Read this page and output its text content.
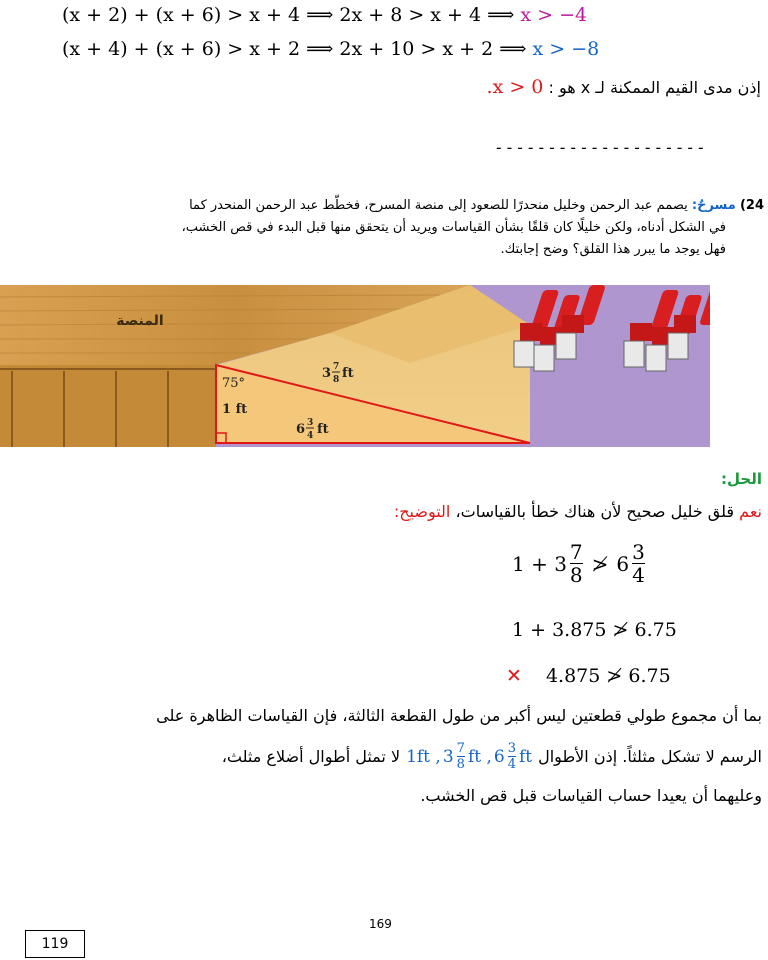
(x + 2) + (x + 6) > x + 4 ⟹ 2x + 8 > x + 4 ⟹ x > −4
(x + 4) + (x + 6) > x + 2 ⟹ 2x + 10 > x + 2 ⟹ x > −8
إذن مدى القيم الممكنة لـ x هو : x > 0.
--------------------
24) مسرحٌ: يصمم عبد الرحمن وخليل منحدرًا للصعود إلى منصة المسرح، فخطّط عبد الرحمن المنحدر كما
في الشكل أدناه، ولكن خليلًا كان قلقًا بشأن القياسات ويريد أن يتحقق منها قبل البدء في قص الخشب،
فهل يوجد ما يبرر هذا القلق؟ وضح إجابتك.
المنصة
75°
1 ft
3 7
8 ft
6 3
4 ft
الحل:
نعم قلق خليل صحيح لأن هناك خطأ بالقياسات، التوضيح:
$1 + 3 \frac{7}{8}$ ≯ $6 \frac{3}{4}$
1 + 3.875 ≯ 6.75
✕ 4.875 ≯ 6.75
بما أن مجموع طولي قطعتين ليس أكبر من طول القطعة الثالثة، فإن القياسات الظاهرة على
الرسم لا تشكل مثلثاً. إذن الأطوال
1ft , $3 \frac{7}{8}$ ft , $6 \frac{3}{4}$ ft
لا تمثل أطوال أضلاع مثلث،
وعليهما أن يعيدا حساب القياسات قبل قص الخشب.
169
119
